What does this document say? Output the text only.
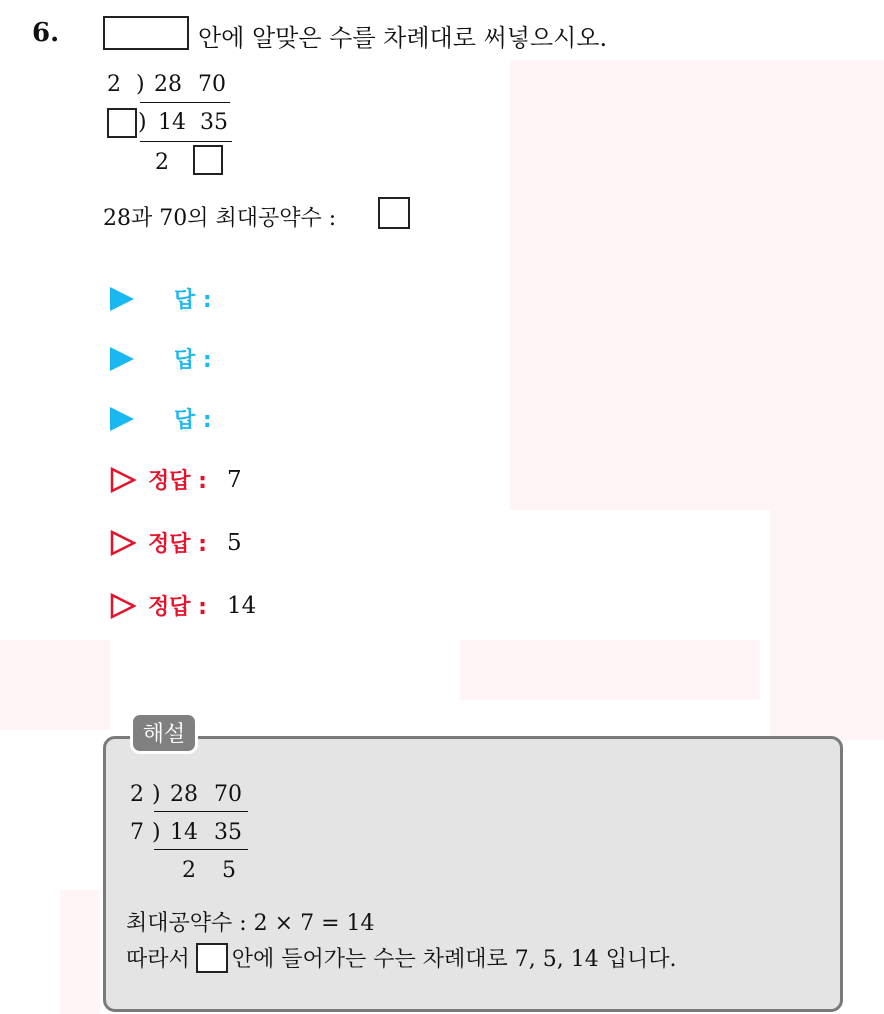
6.	안에 알맞은 수를 차례대로 써넣으시오.
2 ) 28 70
) 14 35
2
28과 70의 최대공약수 :
답 :
답 :
답 :
정답 : 7
정답 : 5
정답 : 14
해설
2 ) 28 70
7 ) 14 35
2 5
최대공약수 : 2 × 7 = 14
따라서 안에 들어가는 수는 차례대로 7, 5, 14 입니다.
